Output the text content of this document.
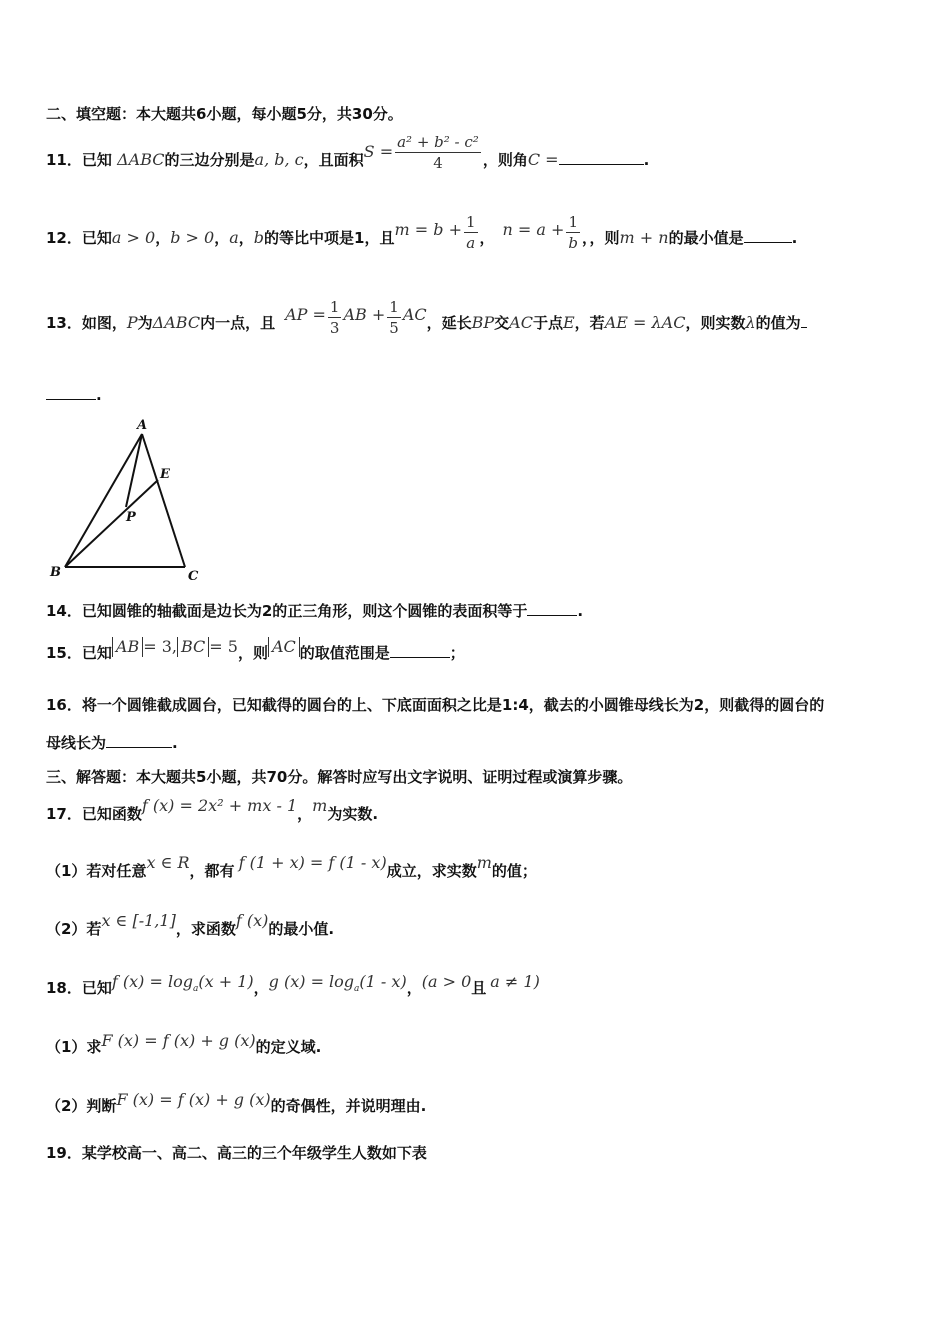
二、填空题：本大题共6小题，每小题5分，共30分。
11．已知 ΔABC的三边分别是a, b, c，且面积$S = \frac{\text{a² + b² - c²}}{4}$ ，则角C =	.
12．已知a > 0，b > 0，a，b的等比中项是1，且$m = b + \frac{1}{a}$ ， $n = a + \frac{1}{b}$ ，，则m + n的最小值是	.
13．如图，P为ΔABC内一点，且 AP = $\frac{1}{3}$ AB + $\frac{1}{5}$ AC，延长BP交AC于点E，若AE = λAC，则实数λ的值为
.
A
B	C
E
P
14．已知圆锥的轴截面是边长为2的正三角形，则这个圆锥的表面积等于	.
15．已知 AB = 3, BC = 5，则 AC 的取值范围是	；
16．将一个圆锥截成圆台，已知截得的圆台的上、下底面面积之比是1:4，截去的小圆锥母线长为2，则截得的圆台的
母线长为	.
三、解答题：本大题共5小题，共70分。解答时应写出文字说明、证明过程或演算步骤。
17．已知函数f (x) = 2x² + mx - 1，m为实数.
（1）若对任意x ∈ R，都有 f (1 + x) = f (1 - x)成立，求实数m的值；
（2）若x ∈ [-1,1]，求函数f (x)的最小值.
18．已知f $(x) = \log_a(x + 1)$，g $(x) = \log_a(1 - x)$，(a > 0且 a ≠ 1)
（1）求F (x) = f (x) + g (x)的定义域.
（2）判断F (x) = f (x) + g (x)的奇偶性，并说明理由.
19．某学校高一、高二、高三的三个年级学生人数如下表
